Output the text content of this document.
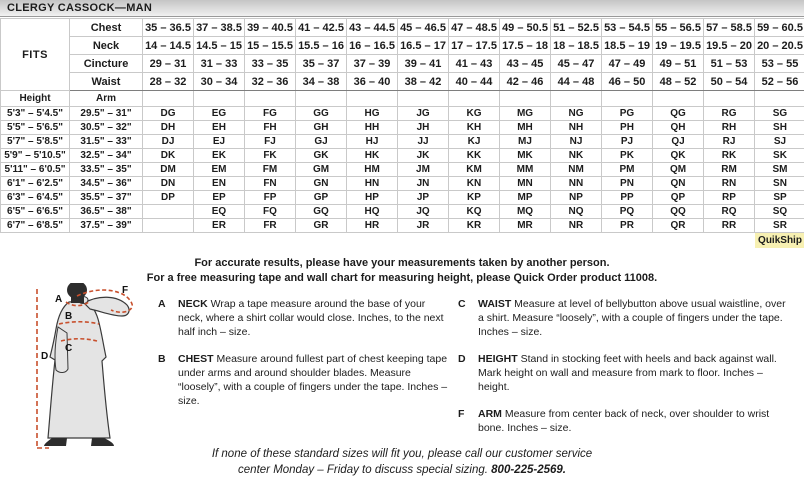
CLERGY CASSOCK—MAN
FITS	Chest	35 – 36.5	37 – 38.5	39 – 40.5	41 – 42.5	43 – 44.5	45 – 46.5	47 – 48.5	49 – 50.5	51 – 52.5	53 – 54.5	55 – 56.5	57 – 58.5	59 – 60.5
	Neck	14 – 14.5	14.5 – 15	15 – 15.5	15.5 – 16	16 – 16.5	16.5 – 17	17 – 17.5	17.5 – 18	18 – 18.5	18.5 – 19	19 – 19.5	19.5 – 20	20 – 20.5
	Cincture	29 – 31	31 – 33	33 – 35	35 – 37	37 – 39	39 – 41	41 – 43	43 – 45	45 – 47	47 – 49	49 – 51	51 – 53	53 – 55
	Waist	28 – 32	30 – 34	32 – 36	34 – 38	36 – 40	38 – 42	40 – 44	42 – 46	44 – 48	46 – 50	48 – 52	50 – 54	52 – 56
Height	Arm													
5'3" – 5'4.5"	29.5" – 31"	DG	EG	FG	GG	HG	JG	KG	MG	NG	PG	QG	RG	SG
5'5" – 5'6.5"	30.5" – 32"	DH	EH	FH	GH	HH	JH	KH	MH	NH	PH	QH	RH	SH
5'7" – 5'8.5"	31.5" – 33"	DJ	EJ	FJ	GJ	HJ	JJ	KJ	MJ	NJ	PJ	QJ	RJ	SJ
5'9" – 5'10.5"	32.5" – 34"	DK	EK	FK	GK	HK	JK	KK	MK	NK	PK	QK	RK	SK
5'11" – 6'0.5"	33.5" – 35"	DM	EM	FM	GM	HM	JM	KM	MM	NM	PM	QM	RM	SM
6'1" – 6'2.5"	34.5" – 36"	DN	EN	FN	GN	HN	JN	KN	MN	NN	PN	QN	RN	SN
6'3" – 6'4.5"	35.5" – 37"	DP	EP	FP	GP	HP	JP	KP	MP	NP	PP	QP	RP	SP
6'5" – 6'6.5"	36.5" – 38"		EQ	FQ	GQ	HQ	JQ	KQ	MQ	NQ	PQ	QQ	RQ	SQ
6'7" – 6'8.5"	37.5" – 39"		ER	FR	GR	HR	JR	KR	MR	NR	PR	QR	RR	SR
														QuikShip
For accurate results, please have your measurements taken by another person.
For a free measuring tape and wall chart for measuring height, please Quick Order product 11008.
A
B
C
D
F
A	NECK Wrap a tape measure around the base of your neck, where a shirt collar would close. Inches, to the next half inch – size.
B	CHEST Measure around fullest part of chest keeping tape under arms and around shoulder blades. Measure “loosely”, with a couple of fingers under the tape. Inches – size.
C	WAIST Measure at level of bellybutton above usual waistline, over a shirt. Measure “loosely”, with a couple of fingers under the tape. Inches – size.
D	HEIGHT Stand in stocking feet with heels and back against wall. Mark height on wall and measure from mark to floor. Inches – height.
F	ARM Measure from center back of neck, over shoulder to wrist bone. Inches – size.
If none of these standard sizes will fit you, please call our customer service
center Monday – Friday to discuss special sizing. 800-225-2569.
